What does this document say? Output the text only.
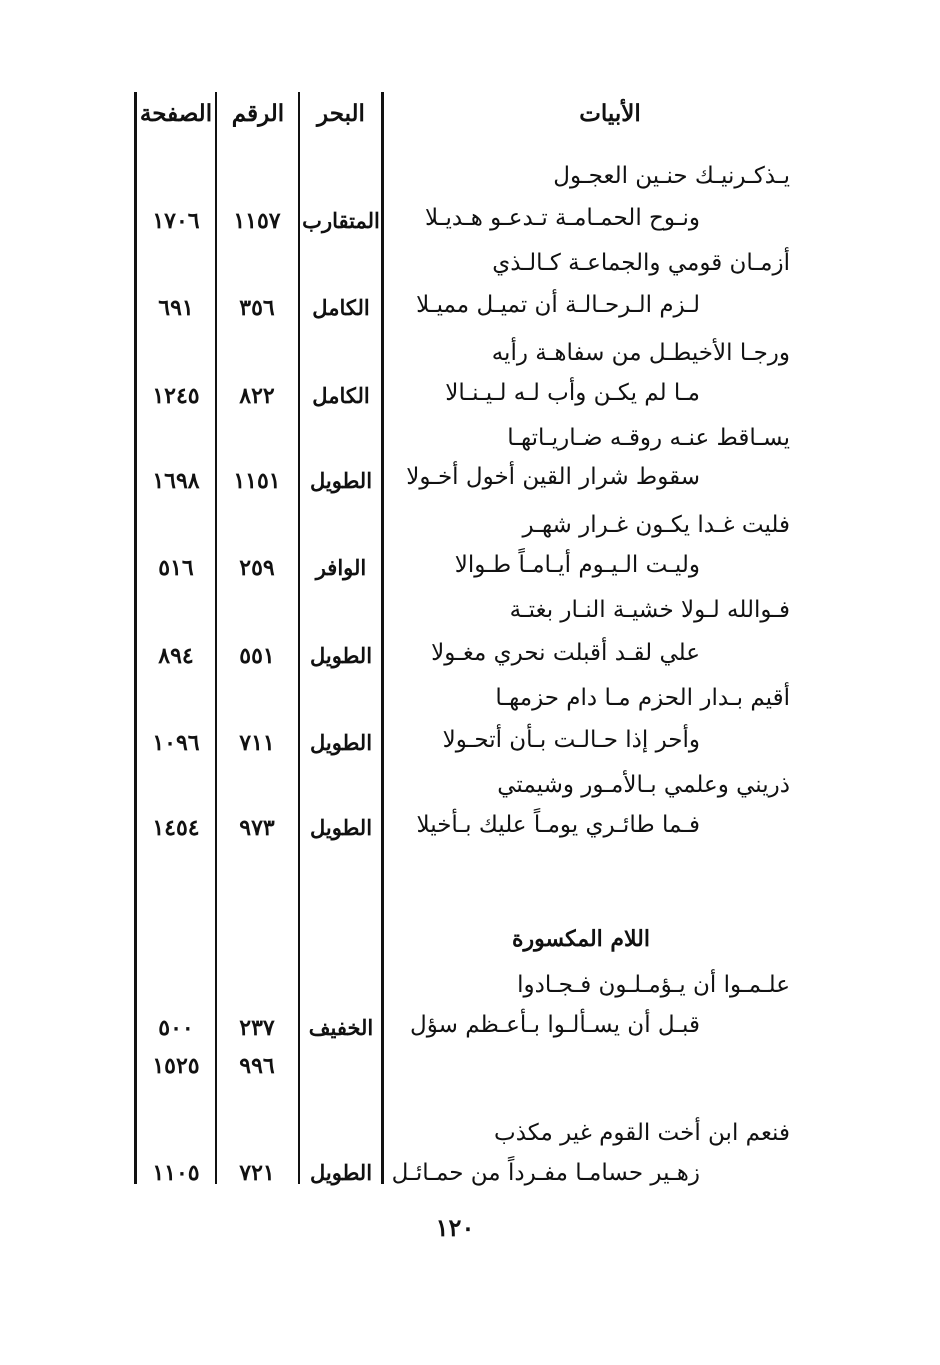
الصفحة الرقم	البحر	الأبيات
يـذكـرنيـك حنـين العجـول
ونـوح الحمـامـة تـدعـو هـديـلا
المتقارب
١١٥٧
١٧٠٦
أزمـان قومي والجماعـة كـالـذي
لـزم الـرحـالـة أن تميـل مميـلا
الكامل
٣٥٦
٦٩١
ورجـا الأخيطـل من سفاهـة رأيه
مـا لم يكـن وأب لـه لـيـنـالا
الكامل
٨٢٢
١٢٤٥
يسـاقط عنـه روقـه ضـاريـاتهـا
سقوط شرار القين أخول أخـولا
الطويل
١١٥١
١٦٩٨
فليت غـدا يكـون غـرار شهـر
وليـت الـيـوم أيـامـاً طـوالا
الوافر
٢٥٩
٥١٦
فـوالله لـولا خشيـة النـار بغتـة
علي لقـد أقبلت نحري مغـولا
الطويل
٥٥١
٨٩٤
أقيم بـدار الحزم مـا دام حزمهـا
وأحر إذا حـالـت بـأن أتحـولا
الطويل
٧١١
١٠٩٦
ذريني وعلمي بـالأمـور وشيمتي
فـما طائـري يومـاً عليك بـأخيلا
الطويل
٩٧٣
١٤٥٤
اللام المكسورة
علـمـوا أن يـؤمـلـون فـجـادوا
قبـل أن يسـألـوا بـأعـظم سؤل
الخفيف
٢٣٧
٥٠٠
٩٩٦
١٥٢٥
فنعم ابن أخت القوم غير مكذب
زهـير حسامـا مفـرداً من حمـائـل
الطويل
٧٢١
١١٠٥
١٢٠
